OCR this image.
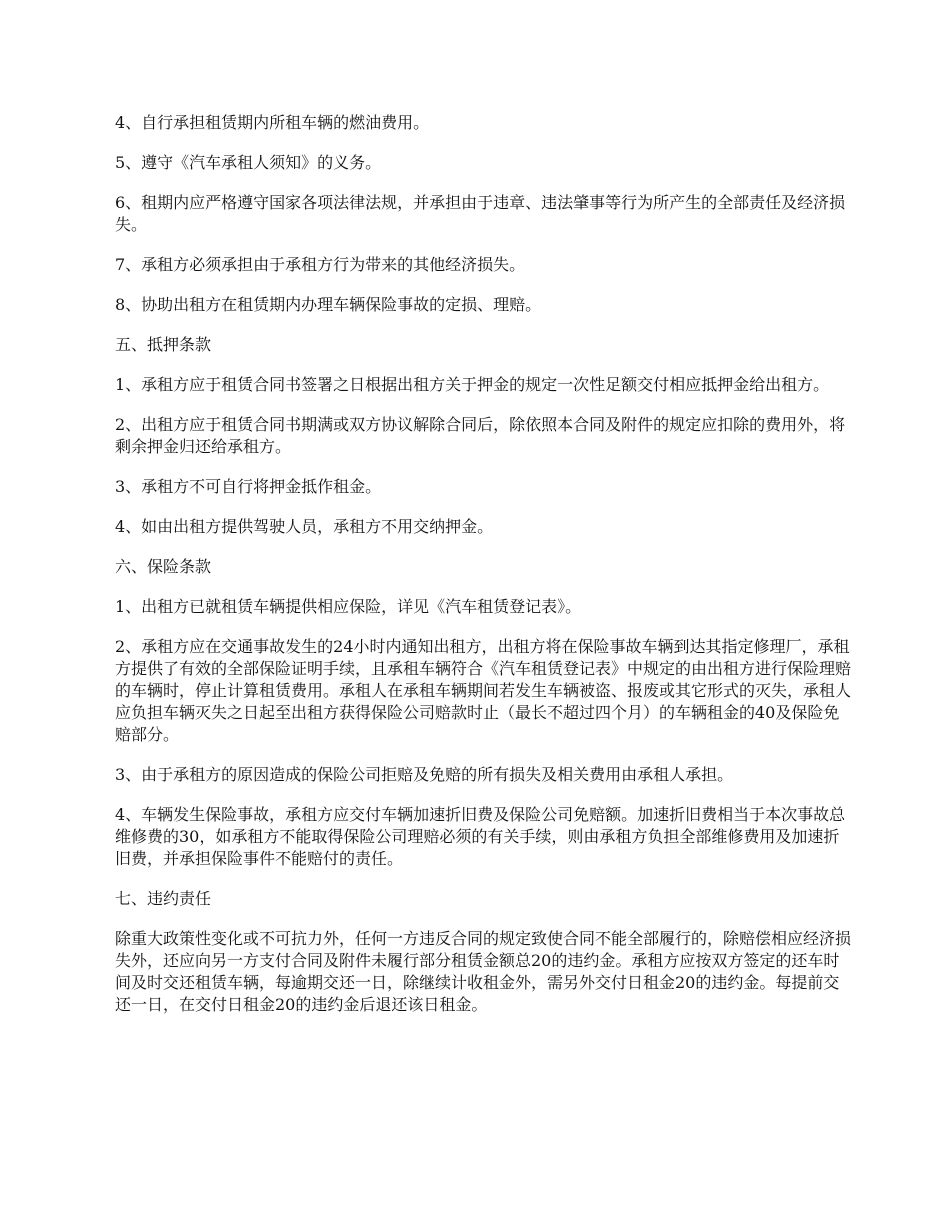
4、自行承担租赁期内所租车辆的燃油费用。

5、遵守《汽车承租人须知》的义务。

6、租期内应严格遵守国家各项法律法规，并承担由于违章、违法肇事等行为所产生的全部责任及经济损失。

7、承租方必须承担由于承租方行为带来的其他经济损失。

8、协助出租方在租赁期内办理车辆保险事故的定损、理赔。

五、抵押条款

1、承租方应于租赁合同书签署之日根据出租方关于押金的规定一次性足额交付相应抵押金给出租方。

2、出租方应于租赁合同书期满或双方协议解除合同后，除依照本合同及附件的规定应扣除的费用外，将剩余押金归还给承租方。

3、承租方不可自行将押金抵作租金。

4、如由出租方提供驾驶人员，承租方不用交纳押金。

六、保险条款

1、出租方已就租赁车辆提供相应保险，详见《汽车租赁登记表》。

2、承租方应在交通事故发生的24小时内通知出租方，出租方将在保险事故车辆到达其指定修理厂，承租方提供了有效的全部保险证明手续，且承租车辆符合《汽车租赁登记表》中规定的由出租方进行保险理赔的车辆时，停止计算租赁费用。承租人在承租车辆期间若发生车辆被盗、报废或其它形式的灭失，承租人应负担车辆灭失之日起至出租方获得保险公司赔款时止（最长不超过四个月）的车辆租金的40及保险免赔部分。

3、由于承租方的原因造成的保险公司拒赔及免赔的所有损失及相关费用由承租人承担。

4、车辆发生保险事故，承租方应交付车辆加速折旧费及保险公司免赔额。加速折旧费相当于本次事故总维修费的30，如承租方不能取得保险公司理赔必须的有关手续，则由承租方负担全部维修费用及加速折旧费，并承担保险事件不能赔付的责任。

七、违约责任

除重大政策性变化或不可抗力外，任何一方违反合同的规定致使合同不能全部履行的，除赔偿相应经济损失外，还应向另一方支付合同及附件未履行部分租赁金额总20的违约金。承租方应按双方签定的还车时间及时交还租赁车辆，每逾期交还一日，除继续计收租金外，需另外交付日租金20的违约金。每提前交还一日，在交付日租金20的违约金后退还该日租金。
